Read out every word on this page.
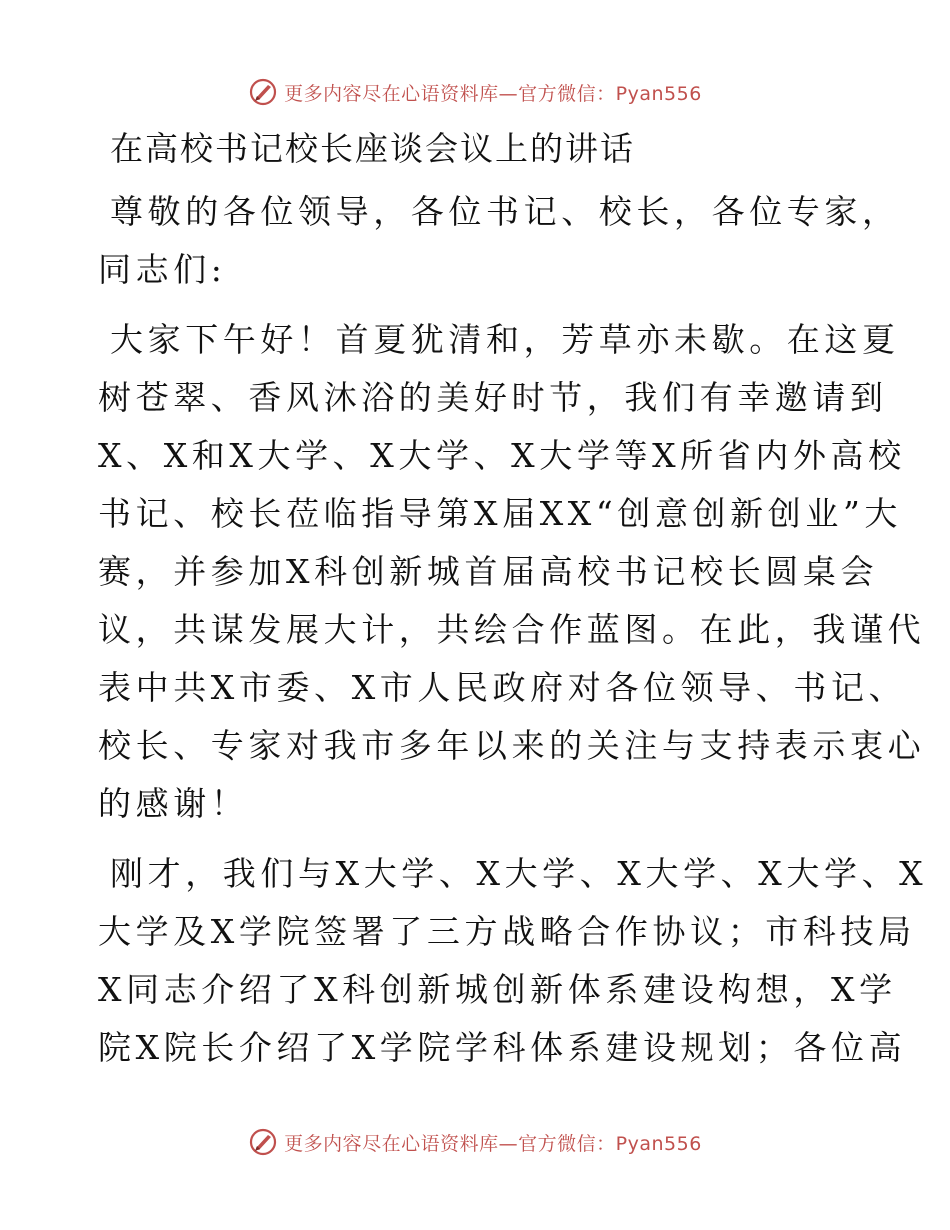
更多内容尽在心语资料库—官方微信：Pyan556
在高校书记校长座谈会议上的讲话

尊敬的各位领导，各位书记、校长，各位专家，
同志们:

大家下午好！首夏犹清和，芳草亦未歇。在这夏
树苍翠、香风沐浴的美好时节，我们有幸邀请到
X、X和X大学、X大学、X大学等X所省内外高校
书记、校长莅临指导第X届XX“创意创新创业”大
赛，并参加X科创新城首届高校书记校长圆桌会
议，共谋发展大计，共绘合作蓝图。在此，我谨代
表中共X市委、X市人民政府对各位领导、书记、
校长、专家对我市多年以来的关注与支持表示衷心
的感谢！

刚才，我们与X大学、X大学、X大学、X大学、X
大学及X学院签署了三方战略合作协议；市科技局
X同志介绍了X科创新城创新体系建设构想，X学
院X院长介绍了X学院学科体系建设规划；各位高

更多内容尽在心语资料库—官方微信：Pyan556
